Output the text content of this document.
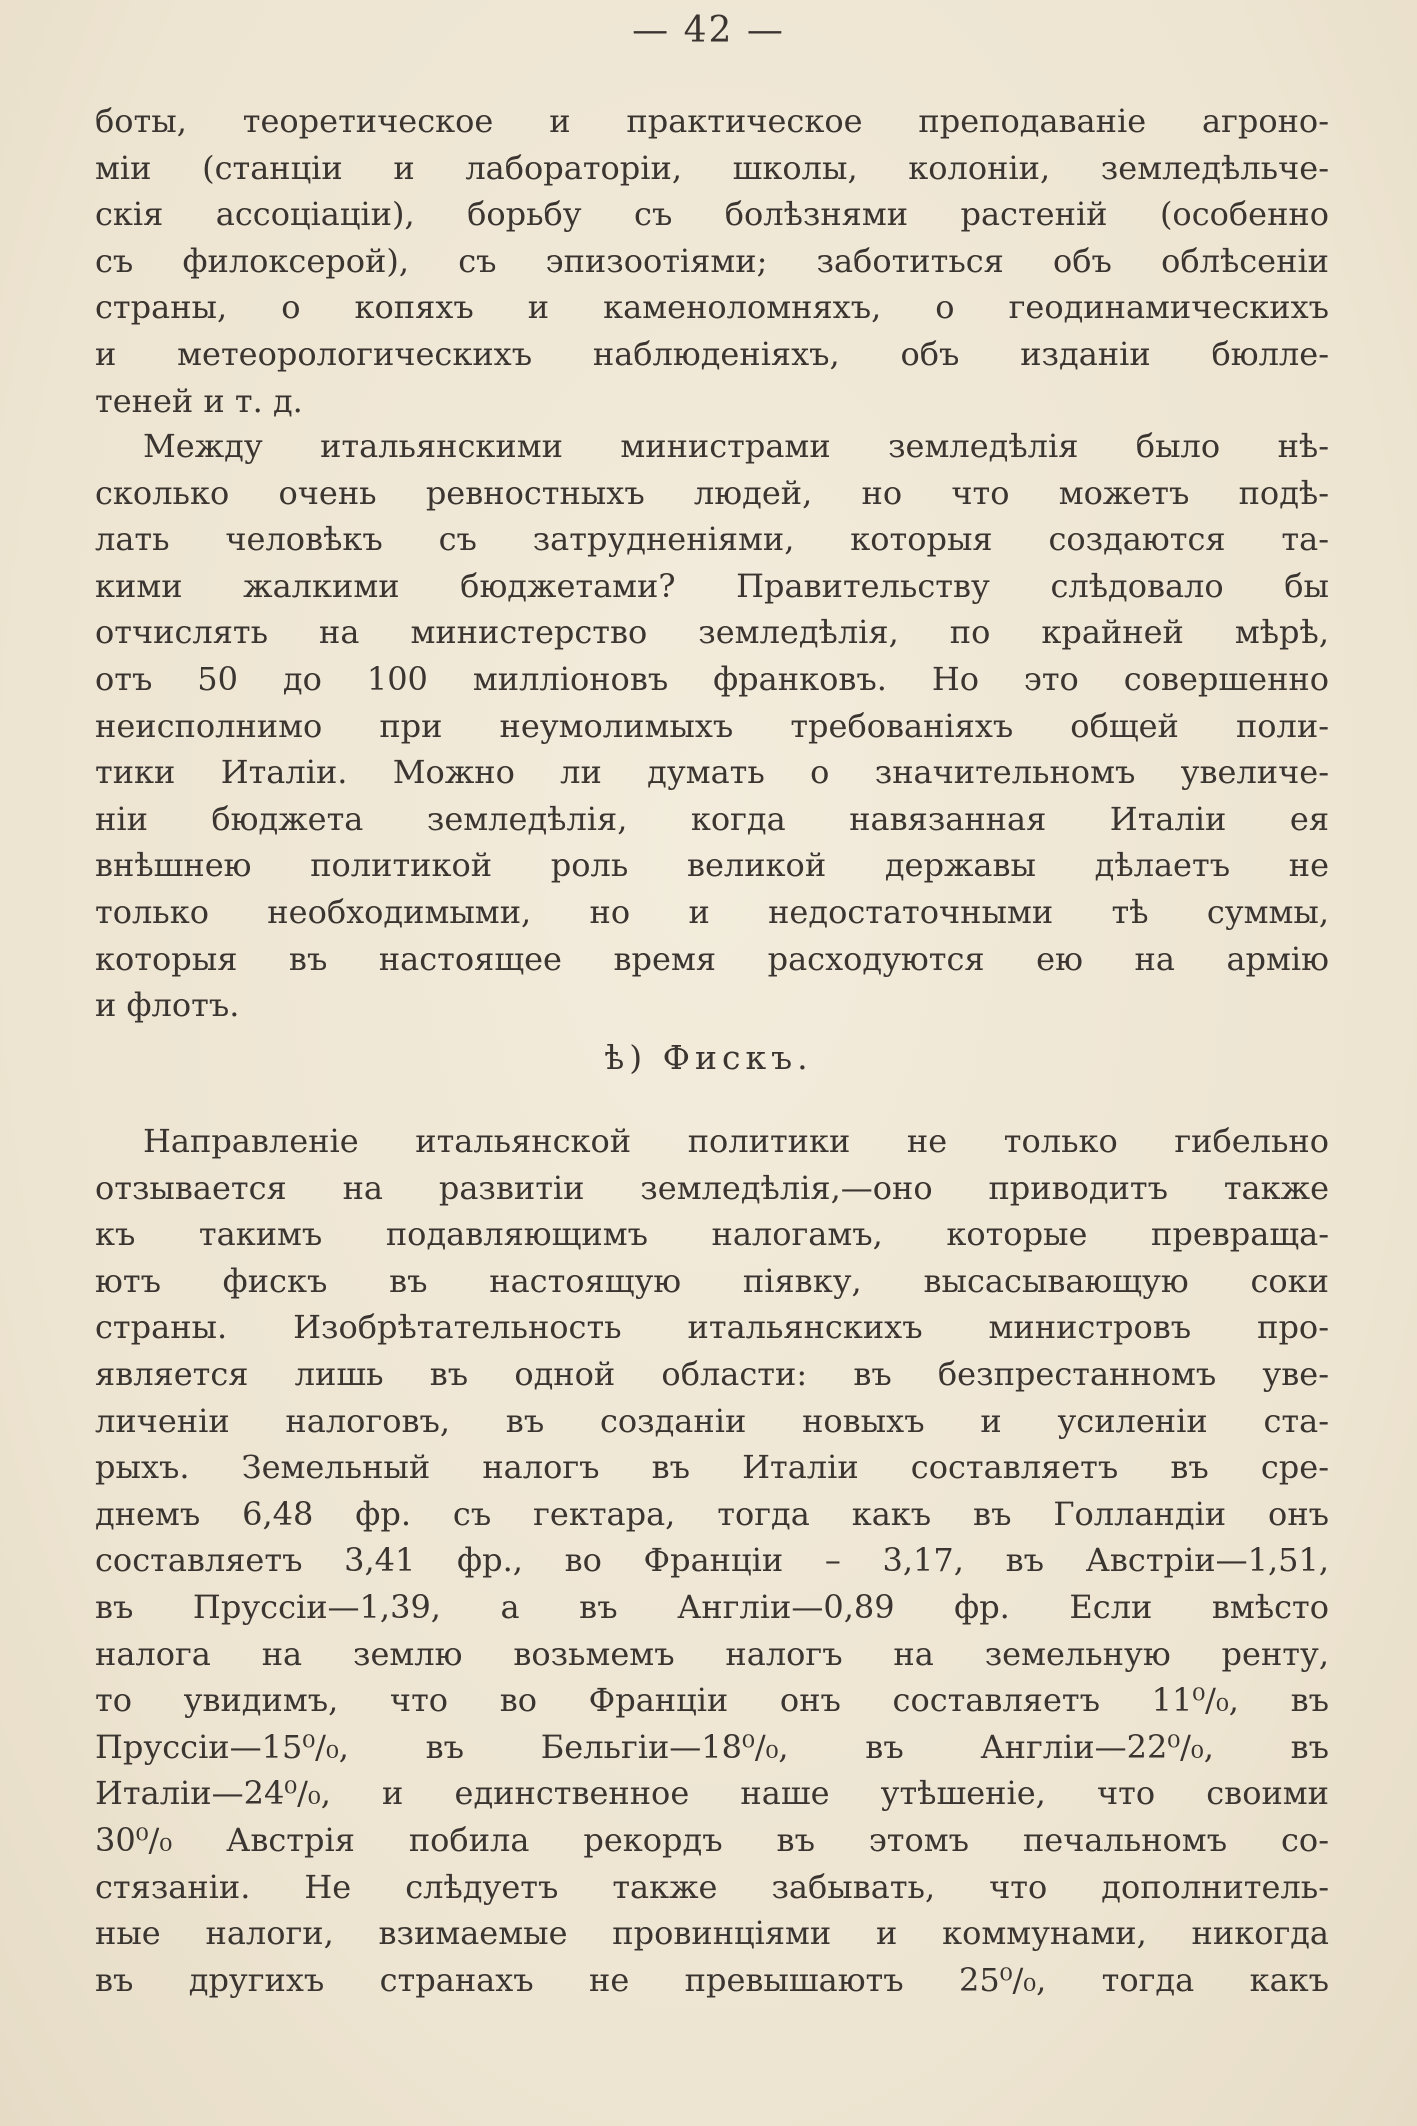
— 42 —
боты, теоретическое и практическое преподаваніе агроно-
міи (станціи и лабораторіи, школы, колоніи, земледѣльче-
скія ассоціаціи), борьбу съ болѣзнями растеній (особенно
съ филоксерой), съ эпизоотіями; заботиться объ облѣсеніи
страны, о копяхъ и каменоломняхъ, о геодинамическихъ
и метеорологическихъ наблюденіяхъ, объ изданіи бюлле-
теней и т. д.
Между итальянскими министрами земледѣлія было нѣ-
сколько очень ревностныхъ людей, но что можетъ подѣ-
лать человѣкъ съ затрудненіями, которыя создаются та-
кими жалкими бюджетами? Правительству слѣдовало бы
отчислять на министерство земледѣлія, по крайней мѣрѣ,
отъ 50 до 100 милліоновъ франковъ. Но это совершенно
неисполнимо при неумолимыхъ требованіяхъ общей поли-
тики Италіи. Можно ли думать о значительномъ увеличе-
ніи бюджета земледѣлія, когда навязанная Италіи ея
внѣшнею политикой роль великой державы дѣлаетъ не
только необходимыми, но и недостаточными тѣ суммы,
которыя въ настоящее время расходуются ею на армію
и флотъ.
ѣ) Фискъ.
Направленіе итальянской политики не только гибельно
отзывается на развитіи земледѣлія,—оно приводитъ также
къ такимъ подавляющимъ налогамъ, которые превраща-
ютъ фискъ въ настоящую піявку, высасывающую соки
страны. Изобрѣтательность итальянскихъ министровъ про-
является лишь въ одной области: въ безпрестанномъ уве-
личеніи налоговъ, въ созданіи новыхъ и усиленіи ста-
рыхъ. Земельный налогъ въ Италіи составляетъ въ сре-
днемъ 6,48 фр. съ гектара, тогда какъ въ Голландіи онъ
составляетъ 3,41 фр., во Франціи – 3,17, въ Австріи—1,51,
въ Пруссіи—1,39, а въ Англіи—0,89 фр. Если вмѣсто
налога на землю возьмемъ налогъ на земельную ренту,
то увидимъ, что во Франціи онъ составляетъ 11⁰/₀, въ
Пруссіи—15⁰/₀, въ Бельгіи—18⁰/₀, въ Англіи—22⁰/₀, въ
Италіи—24⁰/₀, и единственное наше утѣшеніе, что своими
30⁰/₀ Австрія побила рекордъ въ этомъ печальномъ со-
стязаніи. Не слѣдуетъ также забывать, что дополнитель-
ные налоги, взимаемые провинціями и коммунами, никогда
въ другихъ странахъ не превышаютъ 25⁰/₀, тогда какъ
